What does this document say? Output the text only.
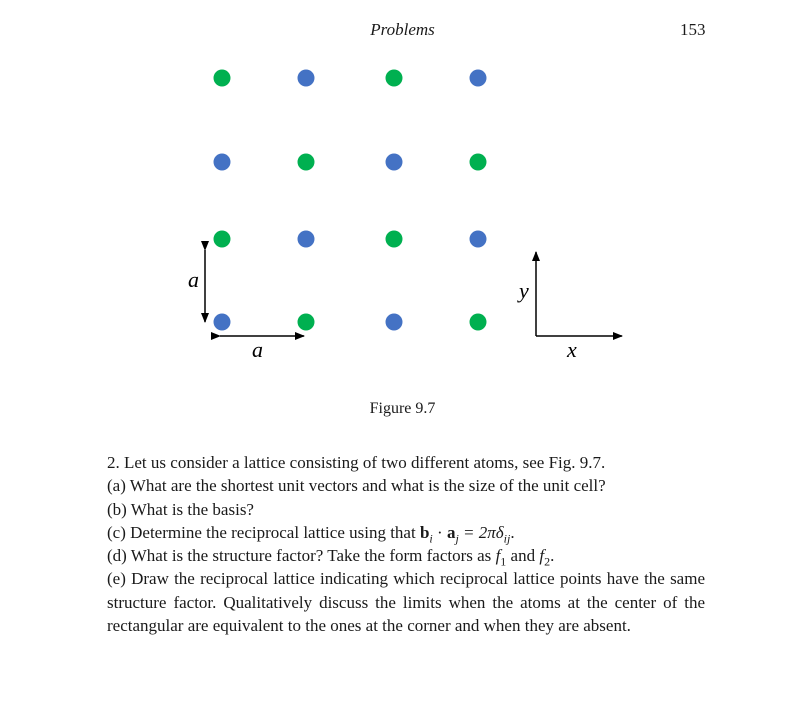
Problems	153
a
a
y
x
Figure 9.7

2. Let us consider a lattice consisting of two different atoms, see Fig. 9.7.

(a) What are the shortest unit vectors and what is the size of the unit cell?

(b) What is the basis?

(c) Determine the reciprocal lattice using that $b_i \cdot a_j = 2\pi\delta_{ij}$.

(d) What is the structure factor? Take the form factors as $f_1$ and $f_2$.

(e) Draw the reciprocal lattice indicating which reciprocal lattice points have the same structure factor. Qualitatively discuss the limits when the atoms at the center of the rectangular are equivalent to the ones at the corner and when they are absent.
